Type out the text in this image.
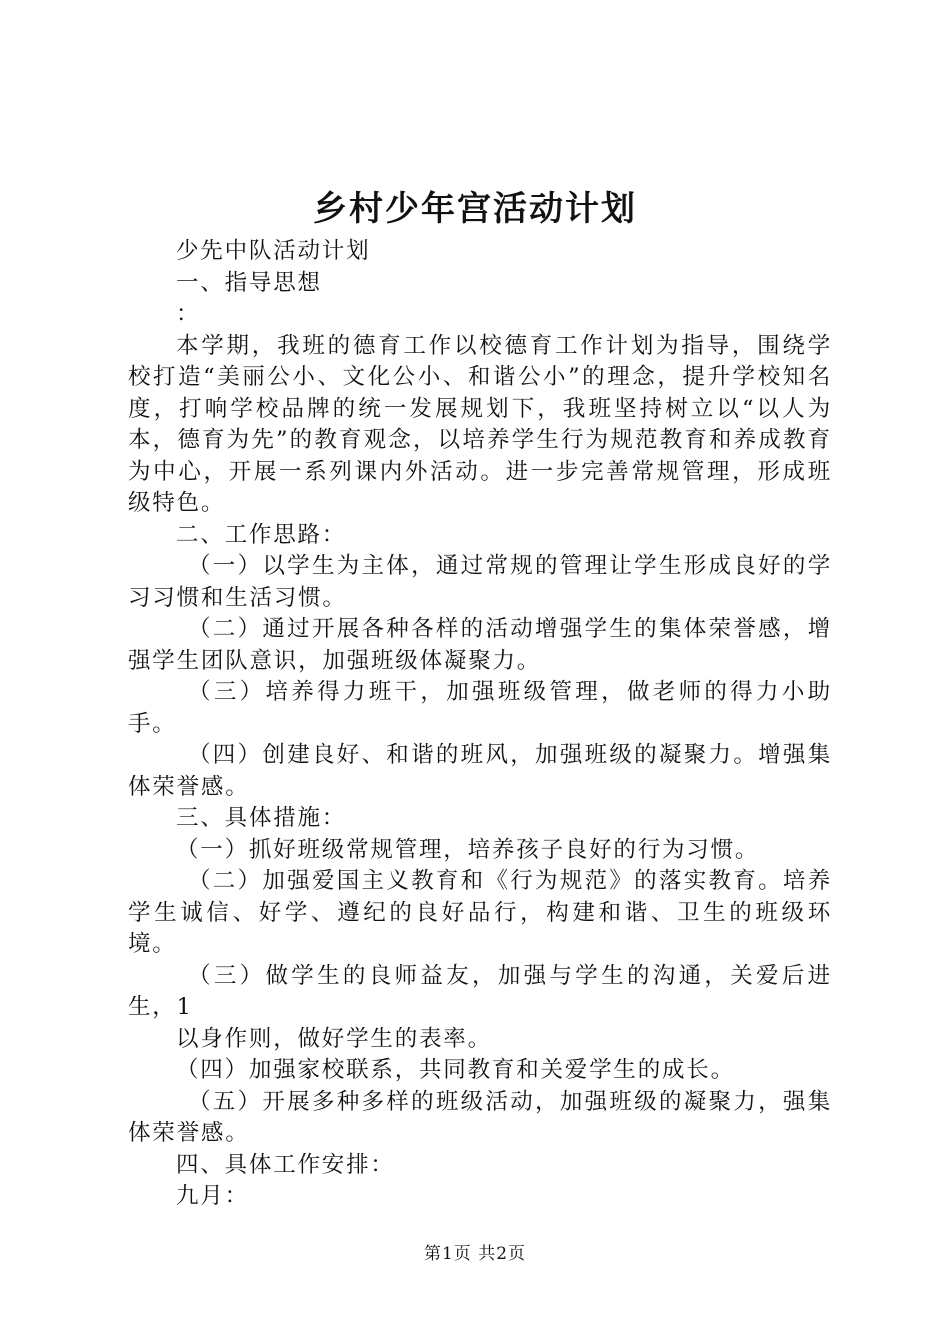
乡村少年宫活动计划

少先中队活动计划

一、指导思想

：

本学期，我班的德育工作以校德育工作计划为指导，围绕学校打造“美丽公小、文化公小、和谐公小”的理念，提升学校知名度，打响学校品牌的统一发展规划下，我班坚持树立以“以人为本，德育为先”的教育观念，以培养学生行为规范教育和养成教育为中心，开展一系列课内外活动。进一步完善常规管理，形成班级特色。

二、工作思路：

（一）以学生为主体，通过常规的管理让学生形成良好的学习习惯和生活习惯。

（二）通过开展各种各样的活动增强学生的集体荣誉感，增强学生团队意识，加强班级体凝聚力。

（三）培养得力班干，加强班级管理，做老师的得力小助手。

（四）创建良好、和谐的班风，加强班级的凝聚力。增强集体荣誉感。

三、具体措施：

（一）抓好班级常规管理，培养孩子良好的行为习惯。

（二）加强爱国主义教育和《行为规范》的落实教育。培养学生诚信、好学、遵纪的良好品行，构建和谐、卫生的班级环境。

（三）做学生的良师益友，加强与学生的沟通，关爱后进生，1

以身作则，做好学生的表率。

（四）加强家校联系，共同教育和关爱学生的成长。

（五）开展多种多样的班级活动，加强班级的凝聚力，强集体荣誉感。

四、具体工作安排：

九月：

第1页 共2页
